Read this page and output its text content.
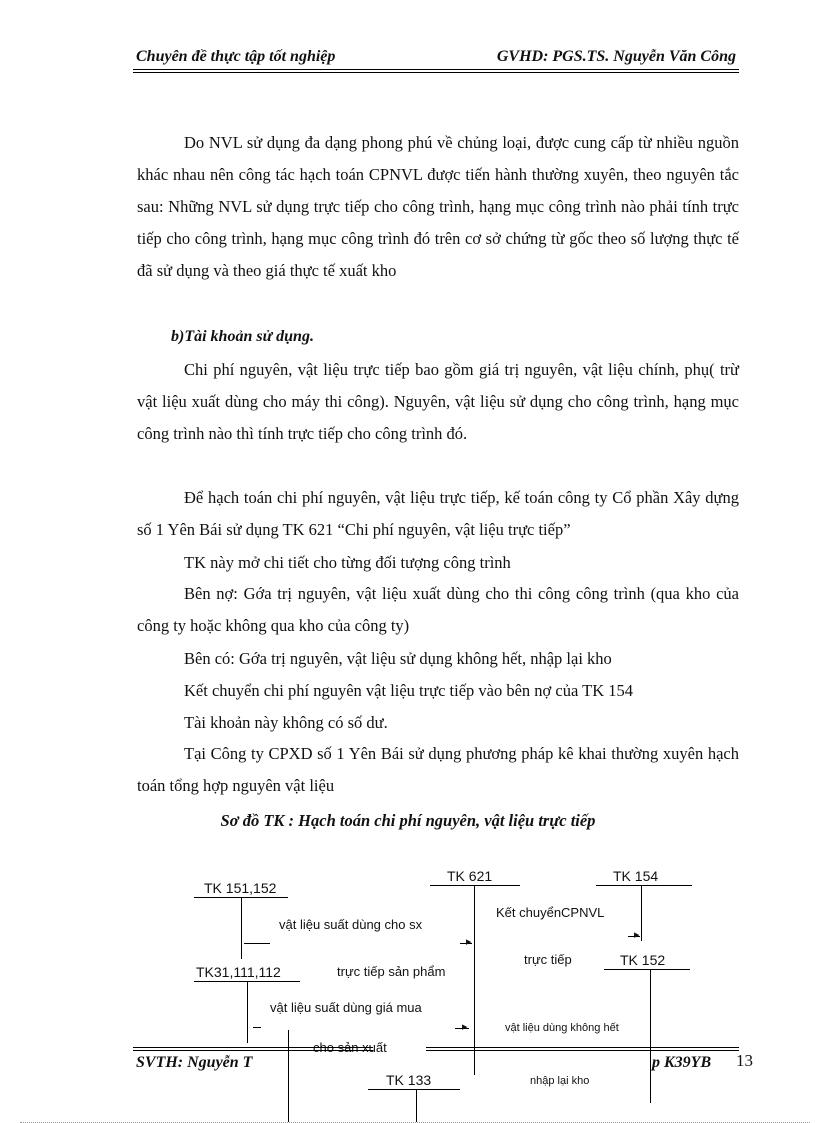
Chuyên đề thực tập tốt nghiệp	GVHD: PGS.TS. Nguyễn Văn Công
Do NVL sử dụng đa dạng phong phú về chủng loại, được cung cấp từ nhiều nguồn khác nhau nên công tác hạch toán CPNVL được tiến hành thường xuyên, theo nguyên tắc sau: Những NVL sử dụng trực tiếp cho công trình, hạng mục công trình nào phải tính trực tiếp cho công trình, hạng mục công trình đó trên cơ sở chứng từ gốc theo số lượng thực tế đã sử dụng và theo giá thực tế xuất kho
b)Tài khoản sử dụng.
Chi phí nguyên, vật liệu trực tiếp bao gồm giá trị nguyên, vật liệu chính, phụ( trừ vật liệu xuất dùng cho máy thi công). Nguyên, vật liệu sử dụng cho công trình, hạng mục công trình nào thì tính trực tiếp cho công trình đó.
Để hạch toán chi phí nguyên, vật liệu trực tiếp, kế toán công ty Cổ phần Xây dựng số 1 Yên Bái sử dụng TK 621 “Chi phí nguyên, vật liệu trực tiếp”
TK này mở chi tiết cho từng đối tượng công trình
Bên nợ: Gớa trị nguyên, vật liệu xuất dùng cho thi công công trình (qua kho của công ty hoặc không qua kho của công ty)
Bên có: Gớa trị nguyên, vật liệu sử dụng không hết, nhập lại kho
Kết chuyển chi phí nguyên vật liệu trực tiếp vào bên nợ của TK 154
Tài khoản này không có số dư.
Tại Công ty CPXD số 1 Yên Bái sử dụng phương pháp kê khai thường xuyên hạch toán tổng hợp nguyên vật liệu
Sơ đồ TK : Hạch toán chi phí nguyên, vật liệu trực tiếp
TK 151,152
TK 621	TK 154
TK31,111,112
TK 152
TK 133
▸
▸
▸
vật liệu suất dùng cho sx
Kết chuyểnCPNVL
trực tiếp
trực tiếp sản phẩm
vật liệu suất dùng giá mua
vật liệu dùng không hết
cho sản xuất
nhập lại kho
SVTH: Nguyễn T	p K39YB 13
